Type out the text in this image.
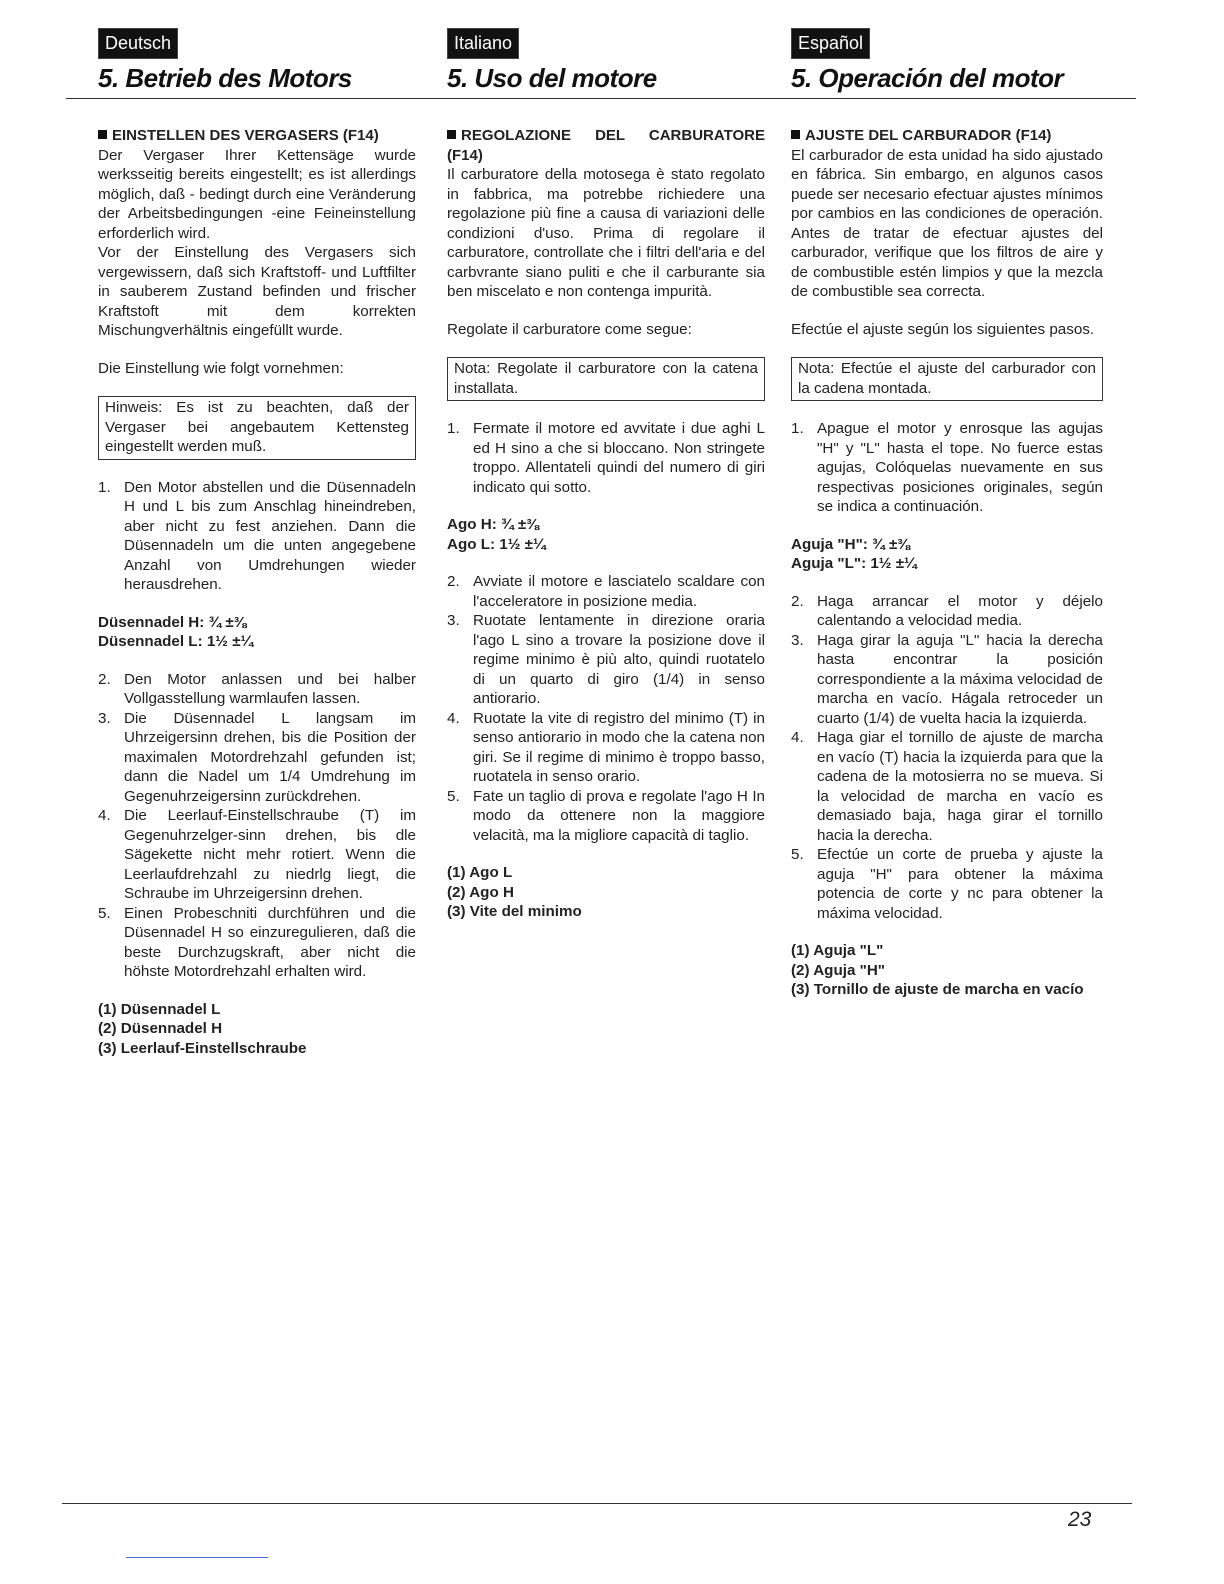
Deutsch
5. Betrieb des Motors
Italiano
5. Uso del motore
Español
5. Operación del motor

EINSTELLEN DES VERGASERS (F14)

Der Vergaser Ihrer Kettensäge wurde werksseitig bereits eingestellt; es ist allerdings möglich, daß - bedingt durch eine Veränderung der Arbeitsbedingungen -eine Feineinstellung erforderlich wird.

Vor der Einstellung des Vergasers sich vergewissern, daß sich Kraftstoff- und Luftfilter in sauberem Zustand befinden und frischer Kraftstoft mit dem korrekten Mischungverhältnis eingefüllt wurde.

Die Einstellung wie folgt vornehmen:

Hinweis: Es ist zu beachten, daß der Vergaser bei angebautem Kettensteg eingestellt werden muß.

1. Den Motor abstellen und die Düsennadeln H und L bis zum Anschlag hineindreben, aber nicht zu fest anziehen. Dann die Düsennadeln um die unten angegebene Anzahl von Umdrehungen wieder herausdrehen.

Düsennadel H: ¾ ±⅜

Düsennadel L: 1½ ±¼

2. Den Motor anlassen und bei halber Vollgasstellung warmlaufen lassen.
3. Die Düsennadel L langsam im Uhrzeigersinn drehen, bis die Position der maximalen Motordrehzahl gefunden ist; dann die Nadel um 1/4 Umdrehung im Gegenuhrzeigersinn zurückdrehen.
4. Die Leerlauf-Einstellschraube (T) im Gegenuhrzelger-sinn drehen, bis dle Sägekette nicht mehr rotiert. Wenn die Leerlaufdrehzahl zu niedrlg liegt, die Schraube im Uhrzeigersinn drehen.
5. Einen Probeschniti durchführen und die Düsennadel H so einzuregulieren, daß die beste Durchzugskraft, aber nicht die höhste Motordrehzahl erhalten wird.

(1) Düsennadel L

(2) Düsennadel H

(3) Leerlauf-Einstellschraube

REGOLAZIONE DEL CARBURATORE (F14)

Il carburatore della motosega è stato regolato in fabbrica, ma potrebbe richiedere una regolazione più fine a causa di variazioni delle condizioni d'uso. Prima di regolare il carburatore, controllate che i filtri dell'aria e del carbvrante siano puliti e che il carburante sia ben miscelato e non contenga impurità.

Regolate il carburatore come segue:

Nota: Regolate il carburatore con la catena installata.

1. Fermate il motore ed avvitate i due aghi L ed H sino a che si bloccano. Non stringete troppo. Allentateli quindi del numero di giri indicato qui sotto.

Ago H: ¾ ±⅜

Ago L: 1½ ±¼

2. Avviate il motore e lasciatelo scaldare con l'acceleratore in posizione media.
3. Ruotate lentamente in direzione oraria l'ago L sino a trovare la posizione dove il regime minimo è più alto, quindi ruotatelo di un quarto di giro (1/4) in senso antiorario.
4. Ruotate la vite di registro del minimo (T) in senso antiorario in modo che la catena non giri. Se il regime di minimo è troppo basso, ruotatela in senso orario.
5. Fate un taglio di prova e regolate l'ago H In modo da ottenere non la maggiore velacità, ma la migliore capacità di taglio.

(1) Ago L

(2) Ago H

(3) Vite del minimo

AJUSTE DEL CARBURADOR (F14)

El carburador de esta unidad ha sido ajustado en fábrica. Sin embargo, en algunos casos puede ser necesario efectuar ajustes mínimos por cambios en las condiciones de operación. Antes de tratar de efectuar ajustes del carburador, verifique que los filtros de aire y de combustible estén limpios y que la mezcla de combustible sea correcta.

Efectúe el ajuste según los siguientes pasos.

Nota: Efectúe el ajuste del carburador con la cadena montada.

1. Apague el motor y enrosque las agujas "H" y "L" hasta el tope. No fuerce estas agujas, Colóquelas nuevamente en sus respectivas posiciones originales, según se indica a continuación.

Aguja "H": ¾ ±⅜

Aguja "L": 1½ ±¼

2. Haga arrancar el motor y déjelo calentando a velocidad media.
3. Haga girar la aguja "L" hacia la derecha hasta encontrar la posición correspondiente a la máxima velocidad de marcha en vacío. Hágala retroceder un cuarto (1/4) de vuelta hacia la izquierda.
4. Haga giar el tornillo de ajuste de marcha en vacío (T) hacia la izquierda para que la cadena de la motosierra no se mueva. Si la velocidad de marcha en vacío es demasiado baja, haga girar el tornillo hacia la derecha.
5. Efectúe un corte de prueba y ajuste la aguja "H" para obtener la máxima potencia de corte y nc para obtener la máxima velocidad.

(1) Aguja "L"

(2) Aguja "H"

(3) Tornillo de ajuste de marcha en vacío

23
